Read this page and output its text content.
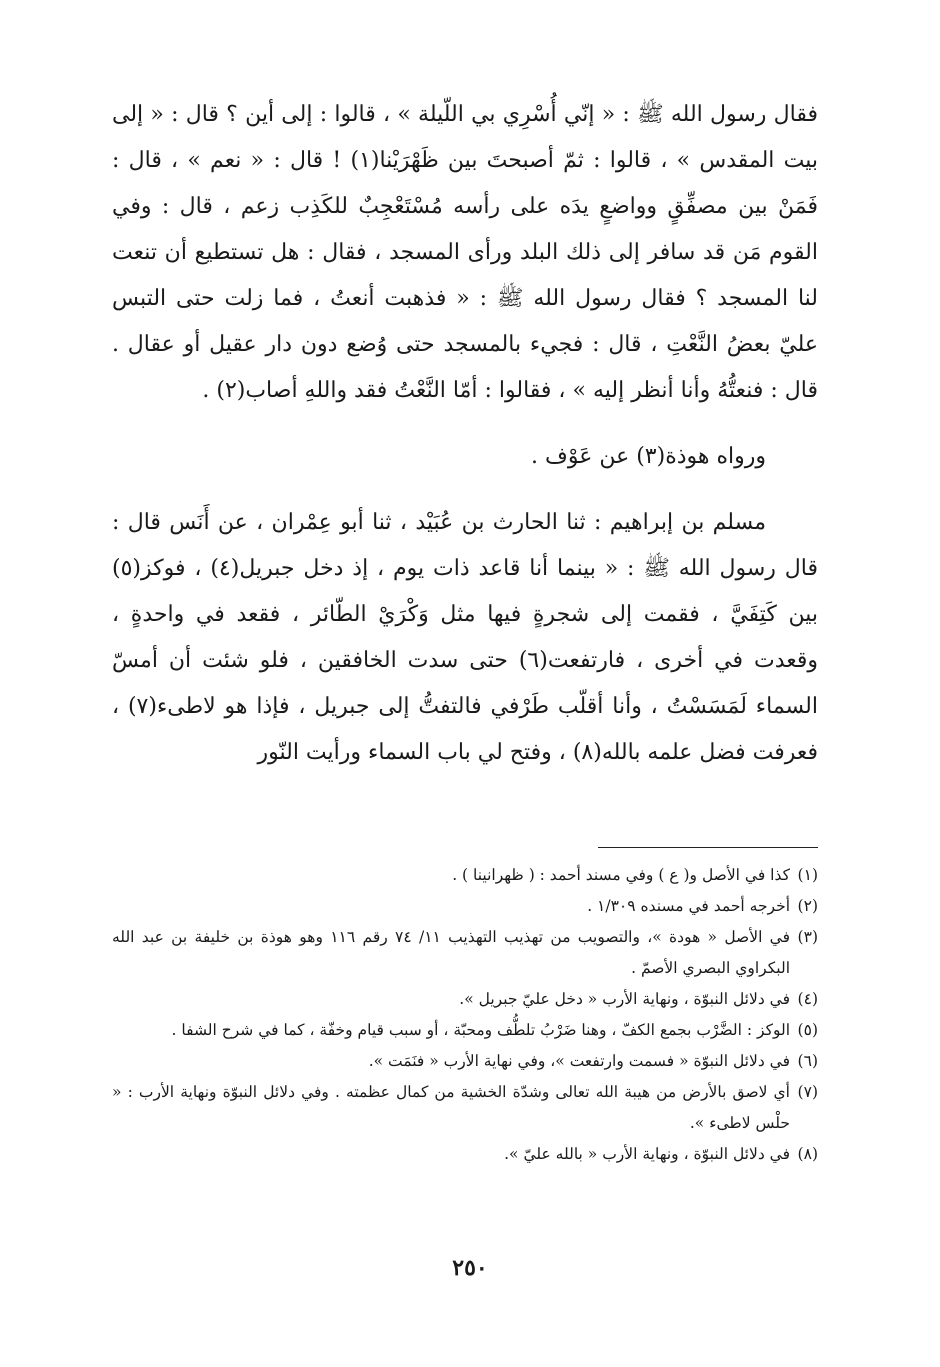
فقال رسول الله ﷺ : « إنّي أُسْرِي بي اللّيلة » ، قالوا : إلى أين ؟ قال : « إلى بيت المقدس » ، قالوا : ثمّ أصبحتَ بين ظَهْرَيْنا(١) ! قال : « نعم » ، قال : فَمَنْ بين مصفِّقٍ وواضعٍ يدَه على رأسه مُسْتَعْجِبٌ للكَذِب زعم ، قال : وفي القوم مَن قد سافر إلى ذلك البلد ورأى المسجد ، فقال : هل تستطيع أن تنعت لنا المسجد ؟ فقال رسول الله ﷺ : « فذهبت أنعتُ ، فما زلت حتى التبس عليّ بعضُ النَّعْتِ ، قال : فجيء بالمسجد حتى وُضع دون دار عقيل أو عقال . قال : فنعتُّهُ وأنا أنظر إليه » ، فقالوا : أمّا النَّعْتُ فقد واللهِ أصاب(٢) .

ورواه هوذة(٣) عن عَوْف .

مسلم بن إبراهيم : ثنا الحارث بن عُبَيْد ، ثنا أبو عِمْران ، عن أَنَس قال : قال رسول الله ﷺ : « بينما أنا قاعد ذات يوم ، إذ دخل جبريل(٤) ، فوكز(٥) بين كَتِفَيَّ ، فقمت إلى شجرةٍ فيها مثل وَكْرَيْ الطّائر ، فقعد في واحدةٍ ، وقعدت في أخرى ، فارتفعت(٦) حتى سدت الخافقين ، فلو شئت أن أمسّ السماء لَمَسَسْتُ ، وأنا أقلّب طَرْفي فالتفتُّ إلى جبريل ، فإذا هو لاطىء(٧) ، فعرفت فضل علمه بالله(٨) ، وفتح لي باب السماء ورأيت النّور

(١)كذا في الأصل و( ع ) وفي مسند أحمد : ( ظهرانينا ) .

(٢)أخرجه أحمد في مسنده ١/٣٠٩ .

(٣)في الأصل « هودة »، والتصويب من تهذيب التهذيب ١١/ ٧٤ رقم ١١٦ وهو هوذة بن خليفة بن عبد الله البكراوي البصري الأصمّ .

(٤)في دلائل النبوّة ، ونهاية الأرب « دخل عليّ جبريل ».

(٥)الوكز : الضَّرْب بجمع الكفّ ، وهنا ضَرْبُ تلطُّف ومحبّة ، أو سبب قيام وخفّة ، كما في شرح الشفا .

(٦)في دلائل النبوّة « فسمت وارتفعت »، وفي نهاية الأرب « فنَمَت ».

(٧)أي لاصق بالأرض من هيبة الله تعالى وشدّة الخشية من كمال عظمته . وفي دلائل النبوّة ونهاية الأرب : « حلْس لاطىء ».

(٨)في دلائل النبوّة ، ونهاية الأرب « بالله عليّ ».

٢٥٠
